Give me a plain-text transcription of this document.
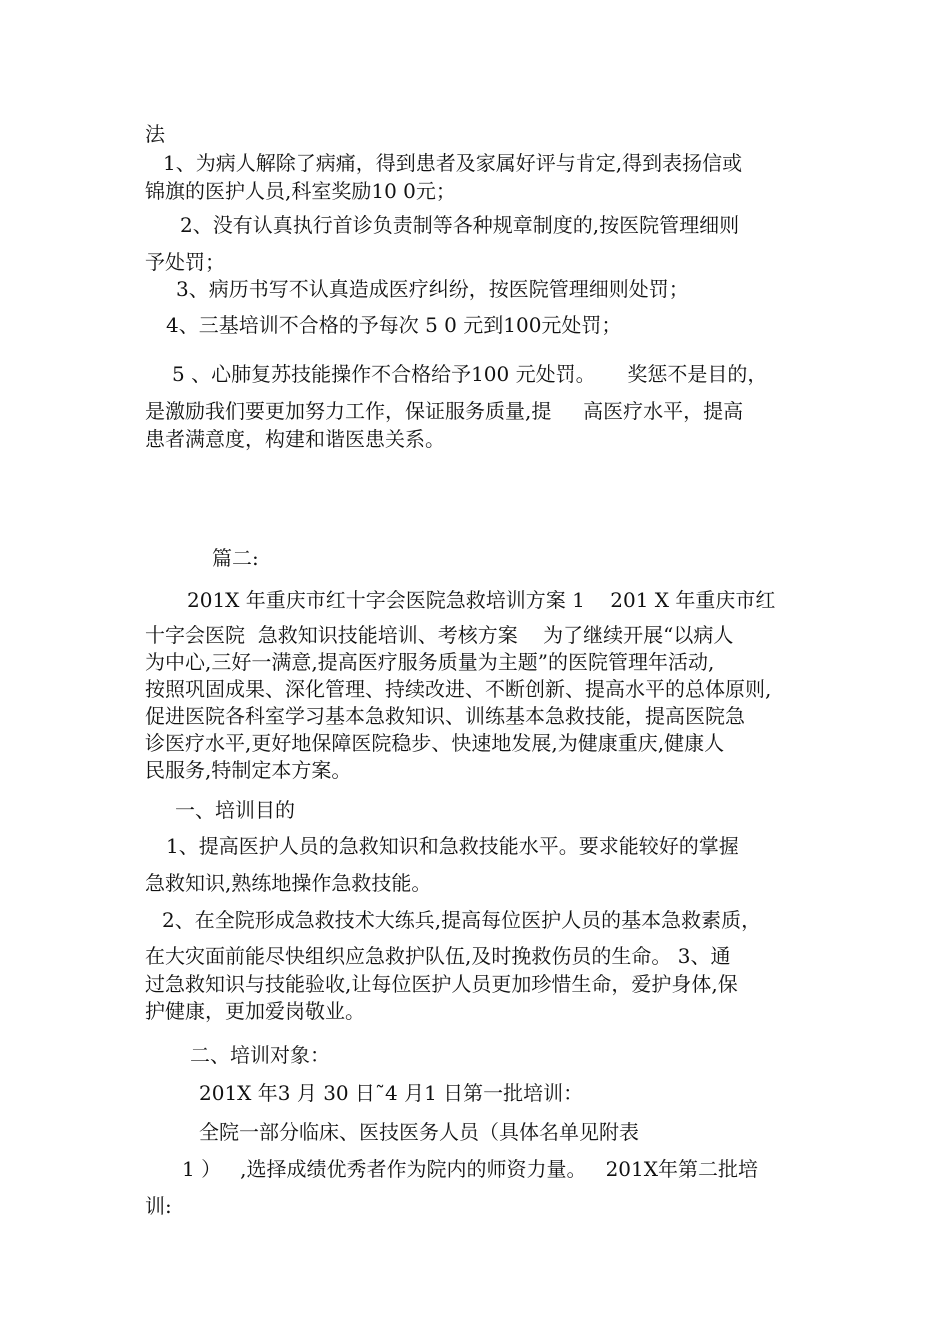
法
1、为病人解除了病痛，得到患者及家属好评与肯定,得到表扬信或
锦旗的医护人员,科室奖励10 0元；
2、没有认真执行首诊负责制等各种规章制度的,按医院管理细则
予处罚；
3、病历书写不认真造成医疗纠纷，按医院管理细则处罚；
4、三基培训不合格的予每次 5 0 元到100元处罚；
5 、心肺复苏技能操作不合格给予100 元处罚。     奖惩不是目的，
是激励我们要更加努力工作，保证服务质量,提     高医疗水平，提高
患者满意度，构建和谐医患关系。
篇二:
201X 年重庆市红十字会医院急救培训方案 1    201 X 年重庆市红
十字会医院  急救知识技能培训、考核方案    为了继续开展“以病人
为中心,三好一满意,提高医疗服务质量为主题”的医院管理年活动,
按照巩固成果、深化管理、持续改进、不断创新、提高水平的总体原则,
促进医院各科室学习基本急救知识、训练基本急救技能，提高医院急
诊医疗水平,更好地保障医院稳步、快速地发展,为健康重庆,健康人
民服务,特制定本方案。
一、培训目的
1、提高医护人员的急救知识和急救技能水平。要求能较好的掌握
急救知识,熟练地操作急救技能。
2、在全院形成急救技术大练兵,提高每位医护人员的基本急救素质，
在大灾面前能尽快组织应急救护队伍,及时挽救伤员的生命。 3、通
过急救知识与技能验收,让每位医护人员更加珍惜生命，爱护身体,保
护健康，更加爱岗敬业。
二、培训对象：
201X 年3 月 30 日˜4 月1 日第一批培训：
全院一部分临床、医技医务人员（具体名单见附表
1 ）   ,选择成绩优秀者作为院内的师资力量。   201X年第二批培
训:
